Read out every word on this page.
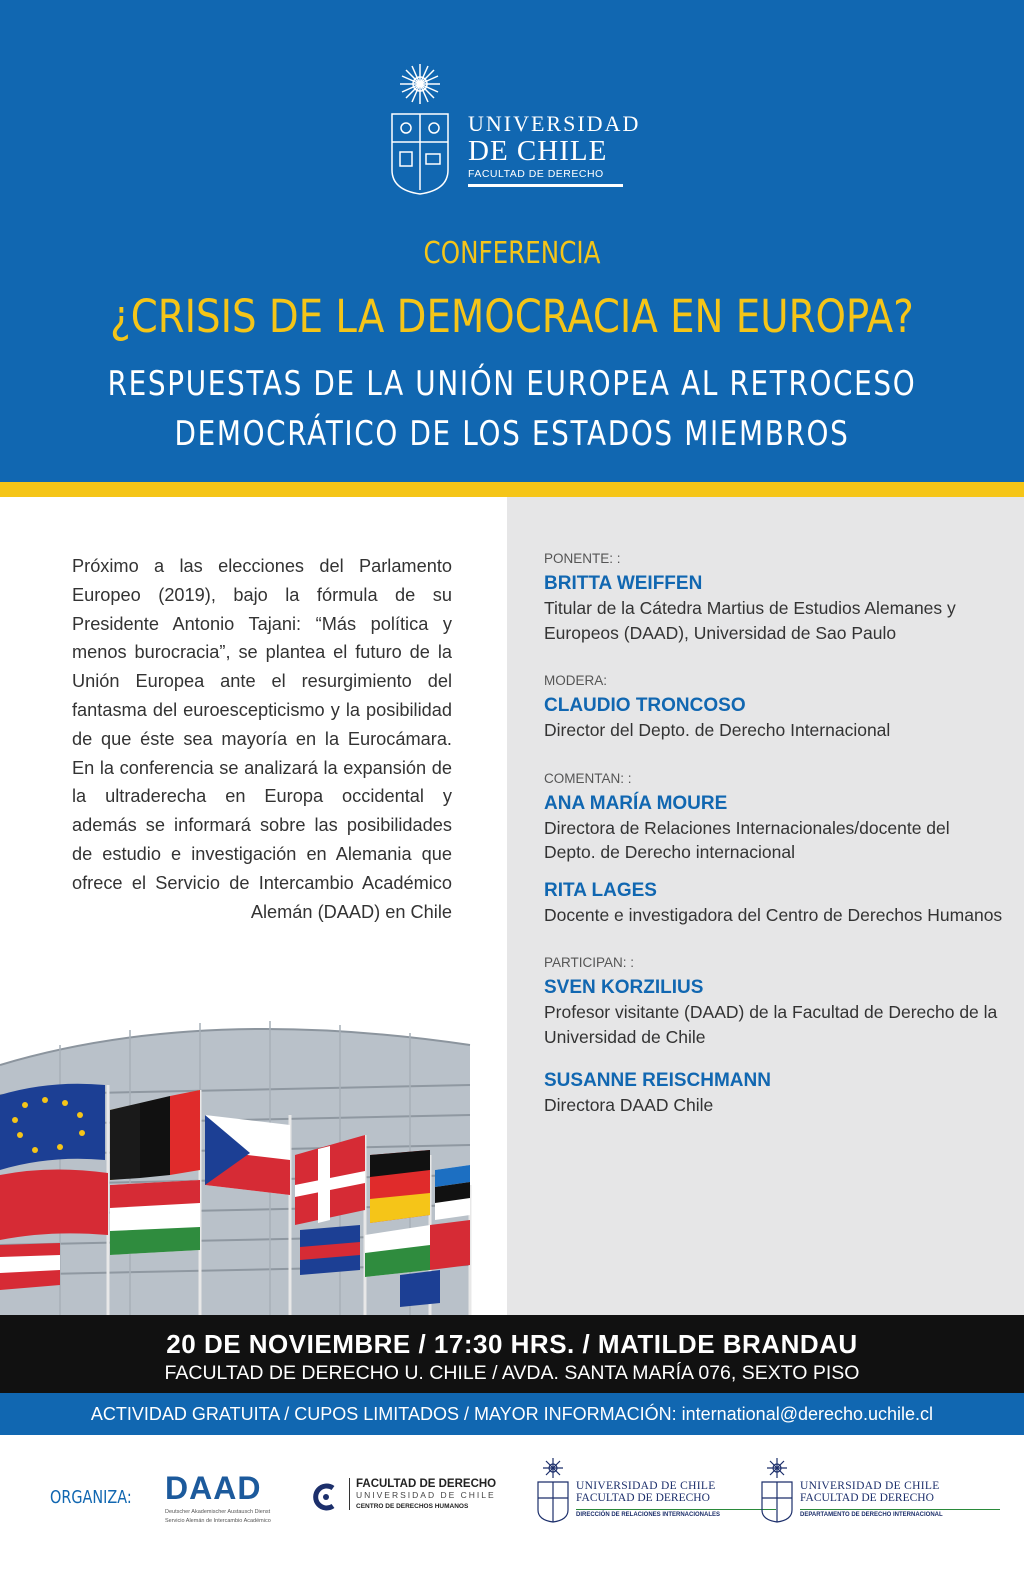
UNIVERSIDAD
DE CHILE
FACULTAD DE DERECHO
CONFERENCIA
¿CRISIS DE LA DEMOCRACIA EN EUROPA?
RESPUESTAS DE LA UNIÓN EUROPEA AL RETROCESO
DEMOCRÁTICO DE LOS ESTADOS MIEMBROS
Próximo a las elecciones del Parlamento Europeo (2019), bajo la fórmula de su Presidente Antonio Tajani: “Más política y menos burocracia”, se plantea el futuro de la Unión Europea ante el resurgimiento del fantasma del euroescepticismo y la posibilidad de que éste sea mayoría en la Eurocámara. En la conferencia se analizará la expansión de la ultraderecha en Europa occidental y además se informará sobre las posibilidades de estudio e investigación en Alemania que ofrece el Servicio de Intercambio Académico Alemán (DAAD) en Chile
PONENTE: :
BRITTA WEIFFEN
Titular de la Cátedra Martius de Estudios Alemanes y Europeos (DAAD), Universidad de Sao Paulo
MODERA:
CLAUDIO TRONCOSO
Director del Depto. de Derecho Internacional
COMENTAN: :
ANA MARÍA MOURE
Directora de Relaciones Internacionales/docente del Depto. de Derecho internacional
RITA LAGES
Docente e investigadora del Centro de Derechos Humanos
PARTICIPAN: :
SVEN KORZILIUS
Profesor visitante (DAAD) de la Facultad de Derecho de la Universidad de Chile
SUSANNE REISCHMANN
Directora DAAD Chile
20 DE NOVIEMBRE / 17:30 HRS. / MATILDE BRANDAU
FACULTAD DE DERECHO U. CHILE / AVDA. SANTA MARÍA 076, SEXTO PISO
ACTIVIDAD GRATUITA / CUPOS LIMITADOS / MAYOR INFORMACIÓN: international@derecho.uchile.cl
ORGANIZA: DAAD
Deutscher Akademischer Austausch Dienst
Servicio Alemán de Intercambio Académico
FACULTAD DE DERECHO
UNIVERSIDAD DE CHILE
CENTRO DE DERECHOS HUMANOS
UNIVERSIDAD DE CHILE
FACULTAD DE DERECHO
DIRECCIÓN DE RELACIONES INTERNACIONALES
UNIVERSIDAD DE CHILE
FACULTAD DE DERECHO
DEPARTAMENTO DE DERECHO INTERNACIONAL
